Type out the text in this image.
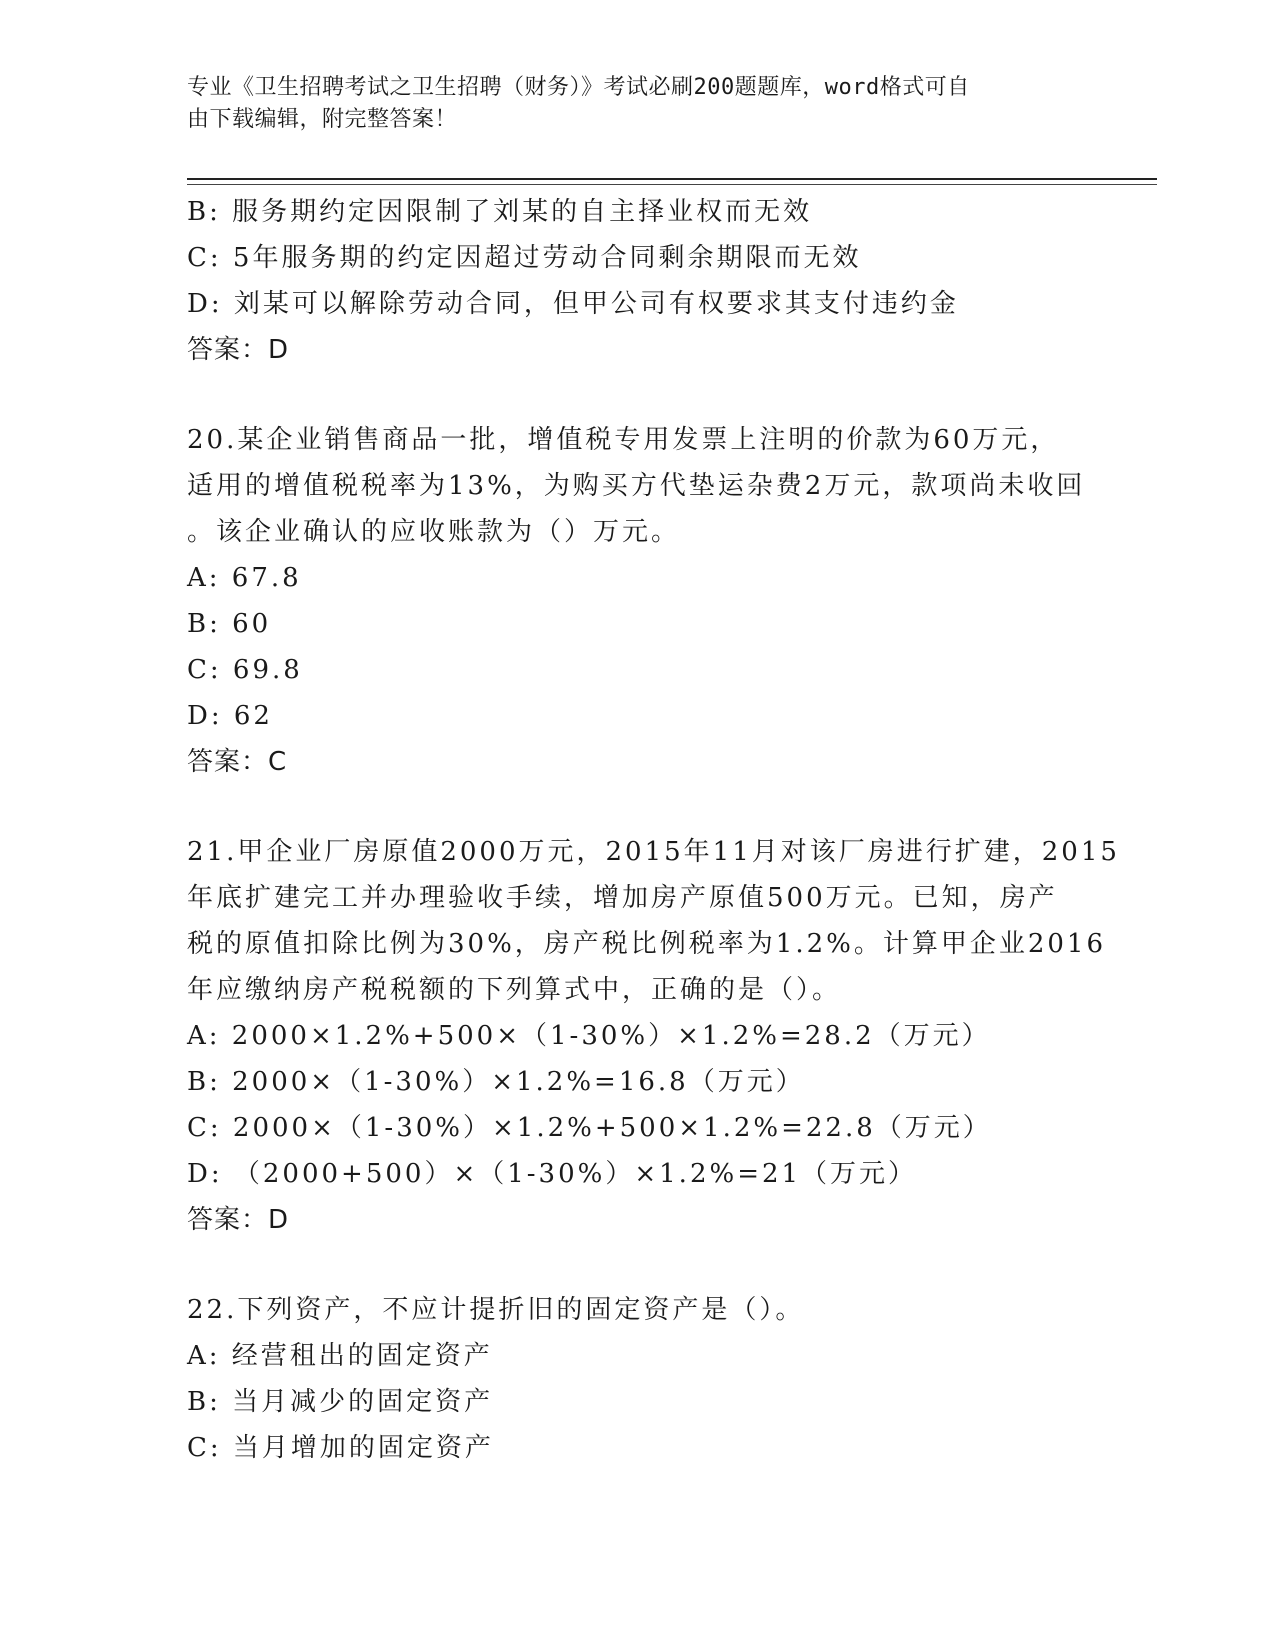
专业《卫生招聘考试之卫生招聘（财务）》考试必刷200题题库，word格式可自
由下载编辑，附完整答案！
B: 服务期约定因限制了刘某的自主择业权而无效
C: 5年服务期的约定因超过劳动合同剩余期限而无效
D: 刘某可以解除劳动合同，但甲公司有权要求其支付违约金
答案：D
20.某企业销售商品一批，增值税专用发票上注明的价款为60万元，
适用的增值税税率为13%，为购买方代垫运杂费2万元，款项尚未收回
。该企业确认的应收账款为（）万元。
A: 67.8
B: 60
C: 69.8
D: 62
答案：C
21.甲企业厂房原值2000万元，2015年11月对该厂房进行扩建，2015
年底扩建完工并办理验收手续，增加房产原值500万元。已知，房产
税的原值扣除比例为30%，房产税比例税率为1.2%。计算甲企业2016
年应缴纳房产税税额的下列算式中，正确的是（）。
A: 2000×1.2%+500×（1-30%）×1.2%=28.2（万元）
B: 2000×（1-30%）×1.2%=16.8（万元）
C: 2000×（1-30%）×1.2%+500×1.2%=22.8（万元）
D: （2000+500）×（1-30%）×1.2%=21（万元）
答案：D
22.下列资产，不应计提折旧的固定资产是（）。
A: 经营租出的固定资产
B: 当月减少的固定资产
C: 当月增加的固定资产
